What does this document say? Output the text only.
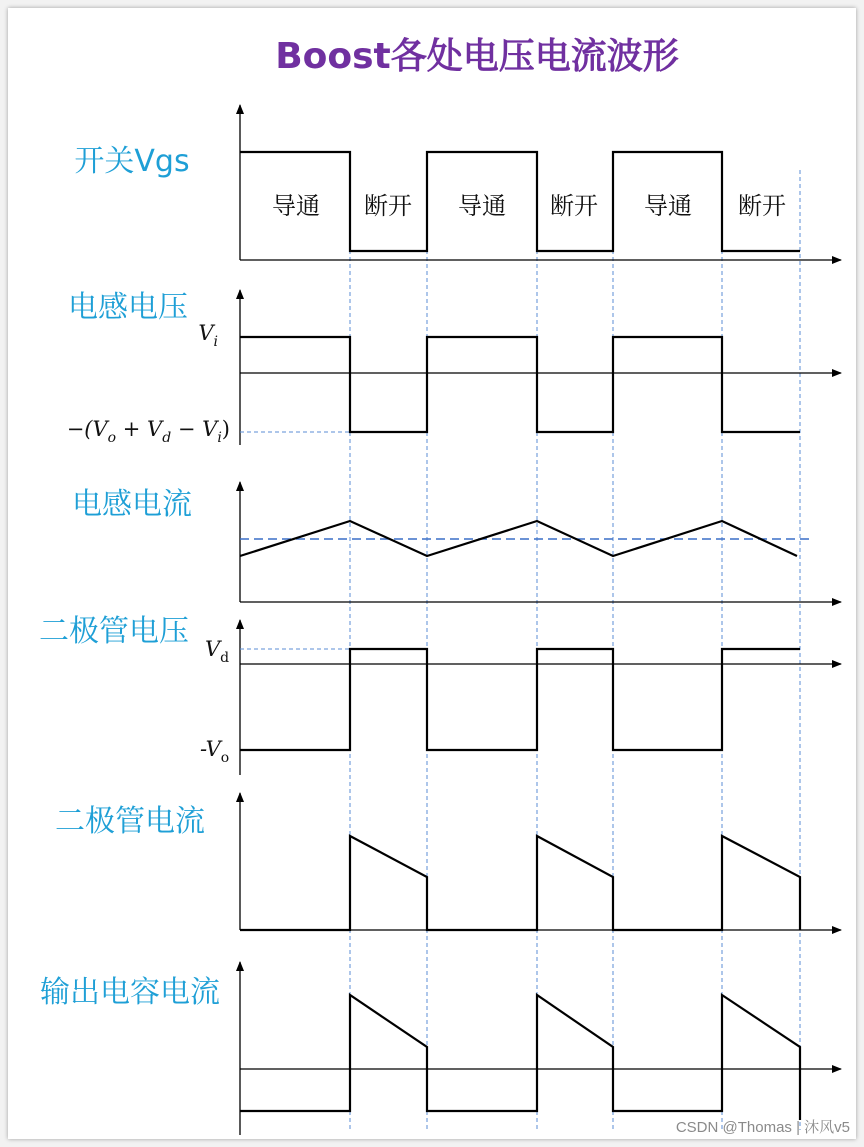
Boost各处电压电流波形
开关Vgs
导通 断开 导通 断开 导通 断开
电感电压
$V_i$
$-(V_o + V_d - V_i)$
电感电流
二极管电压 $V_d$
$-V_o$
二极管电流
输出电容电流
CSDN @Thomas | 沐风v5
